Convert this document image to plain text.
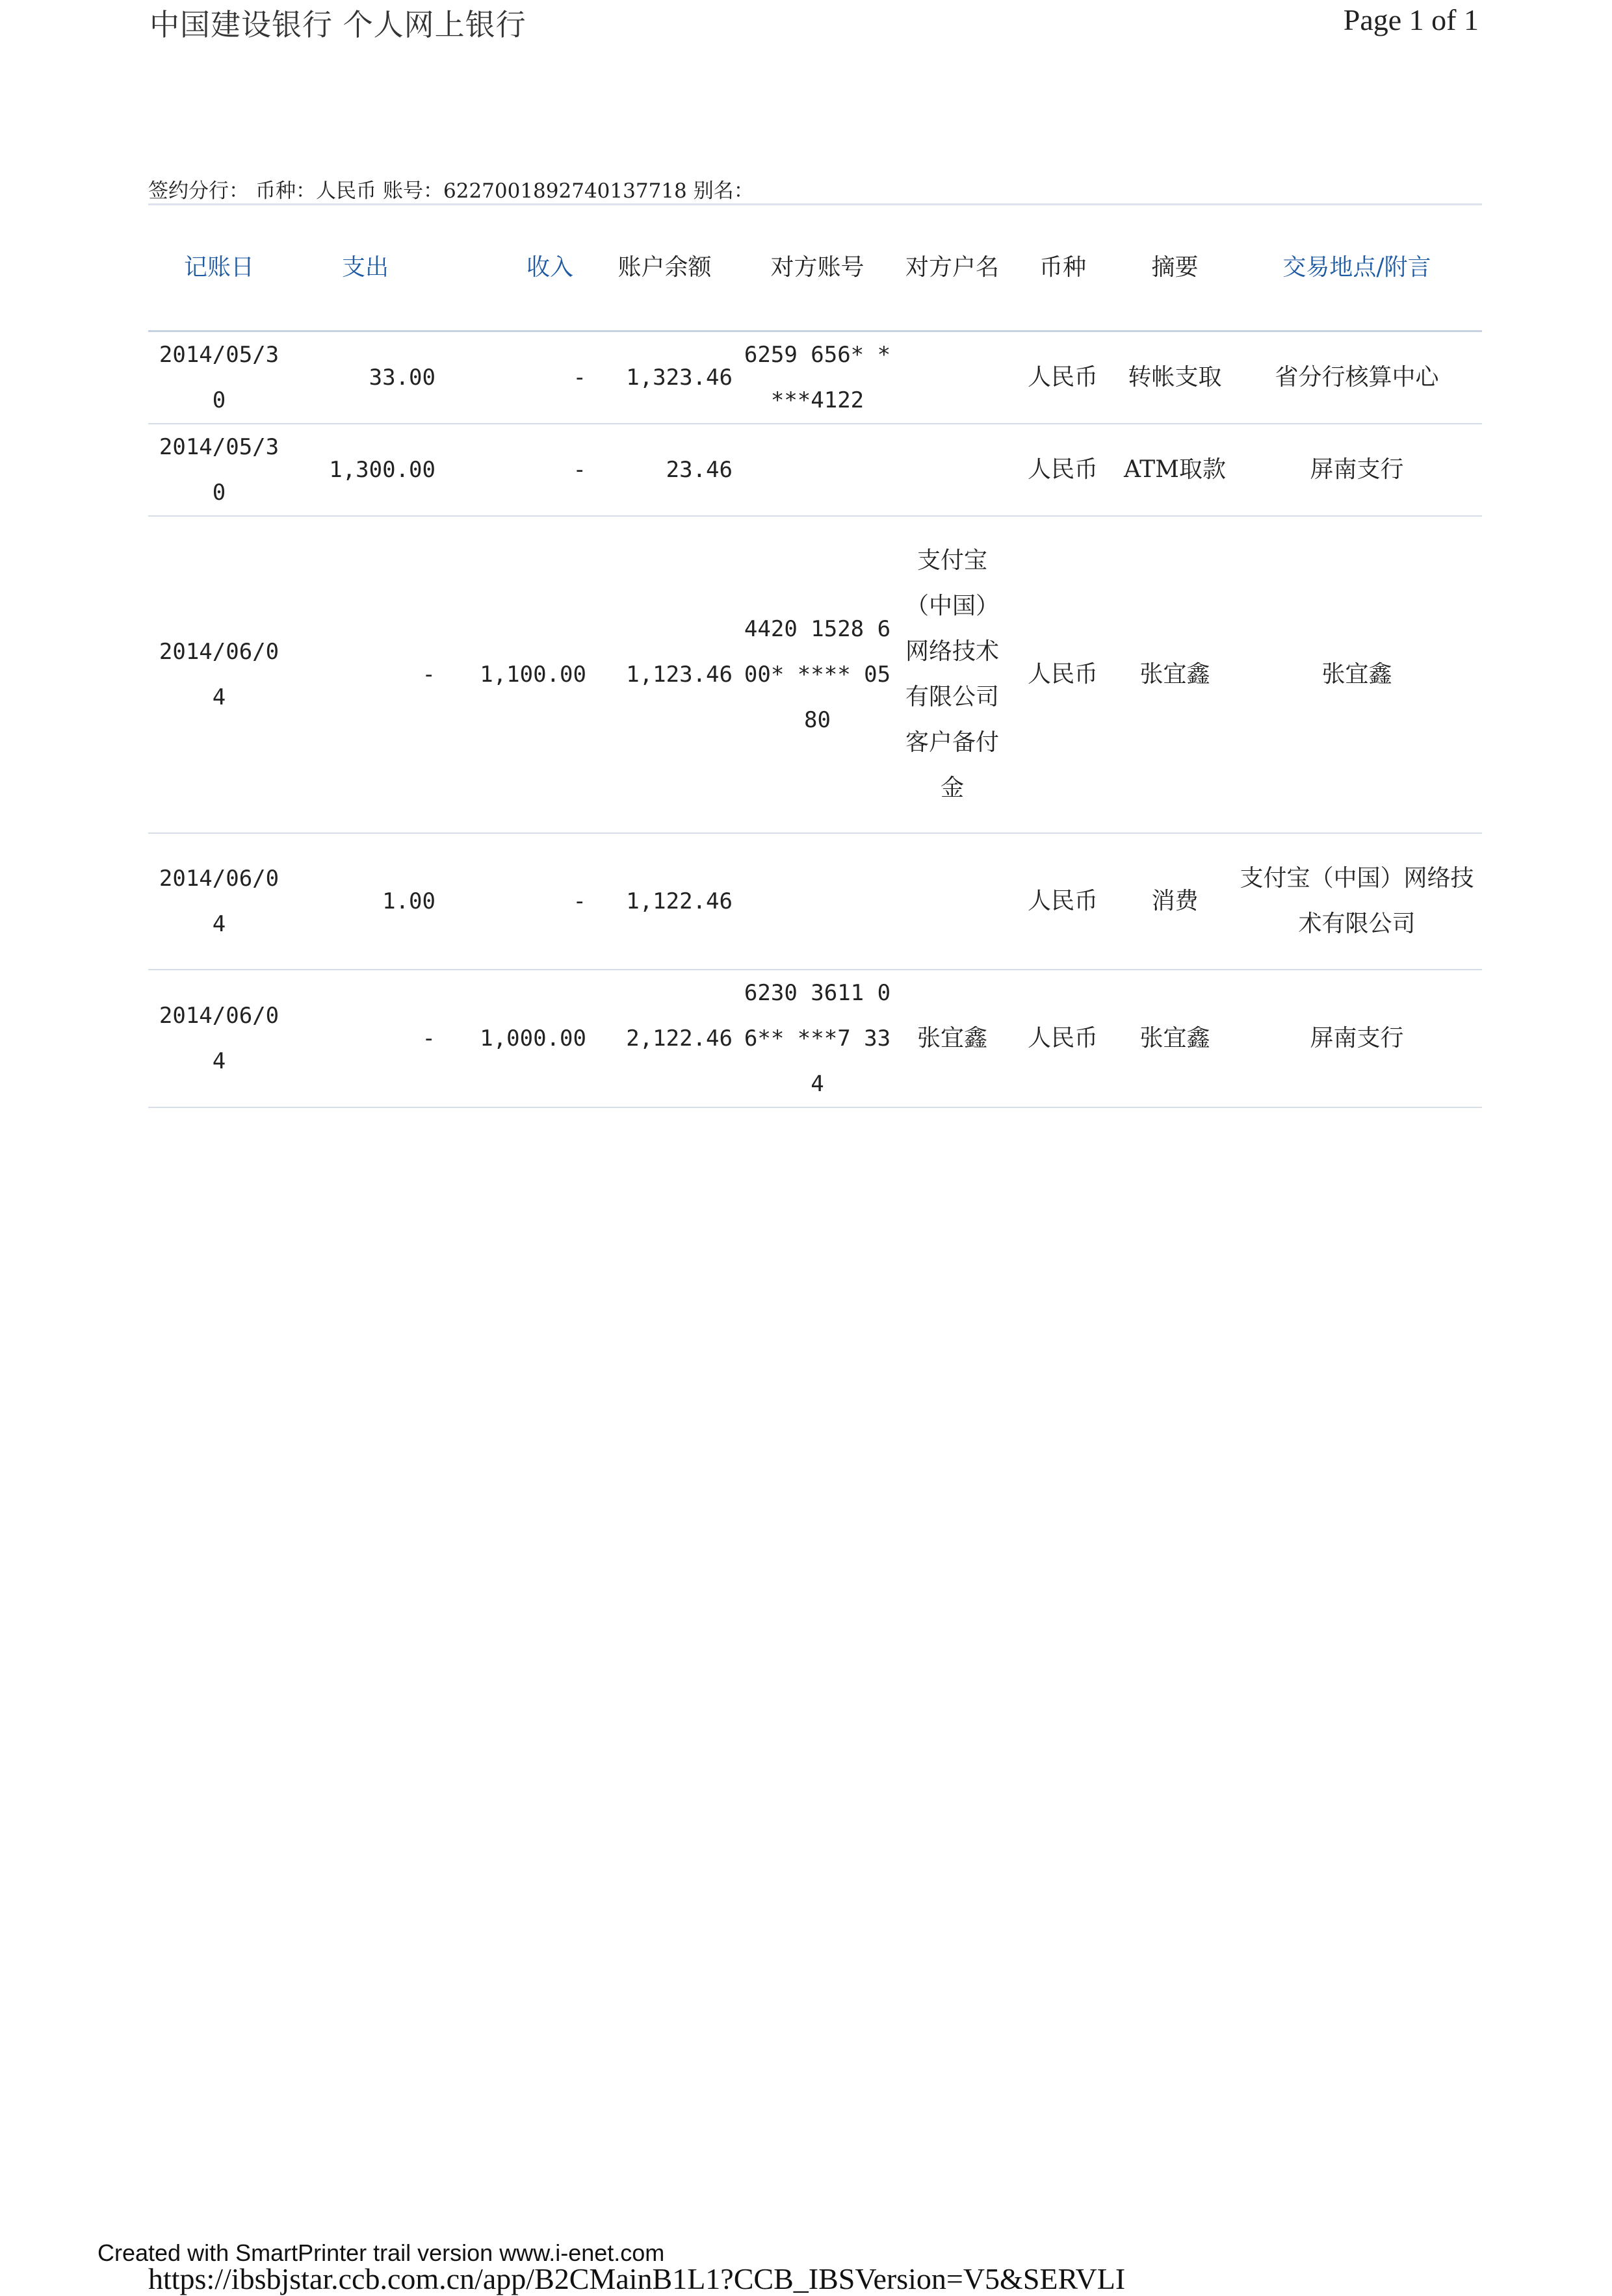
中国建设银行 个人网上银行	Page 1 of 1
签约分行： 币种：人民币 账号：6227001892740137718 别名：
记账日	支出	收入	账户余额	对方账号	对方户名	币种	摘要	交易地点/附言
2014/05/30	33.00	-	1,323.46	6259 656* ****4122		人民币	转帐支取	省分行核算中心
2014/05/30	1,300.00	-	23.46			人民币	ATM取款	屏南支行
2014/06/04	-	1,100.00	1,123.46	4420 1528 600* **** 0580	支付宝（中国）网络技术有限公司客户备付金	人民币	张宜鑫	张宜鑫
2014/06/04	1.00	-	1,122.46			人民币	消费	支付宝（中国）网络技术有限公司
2014/06/04	-	1,000.00	2,122.46	6230 3611 06** ***7 334	张宜鑫	人民币	张宜鑫	屏南支行
Created with SmartPrinter trail version www.i-enet.com
https://ibsbjstar.ccb.com.cn/app/B2CMainB1L1?CCB_IBSVersion=V5&SERVLI
